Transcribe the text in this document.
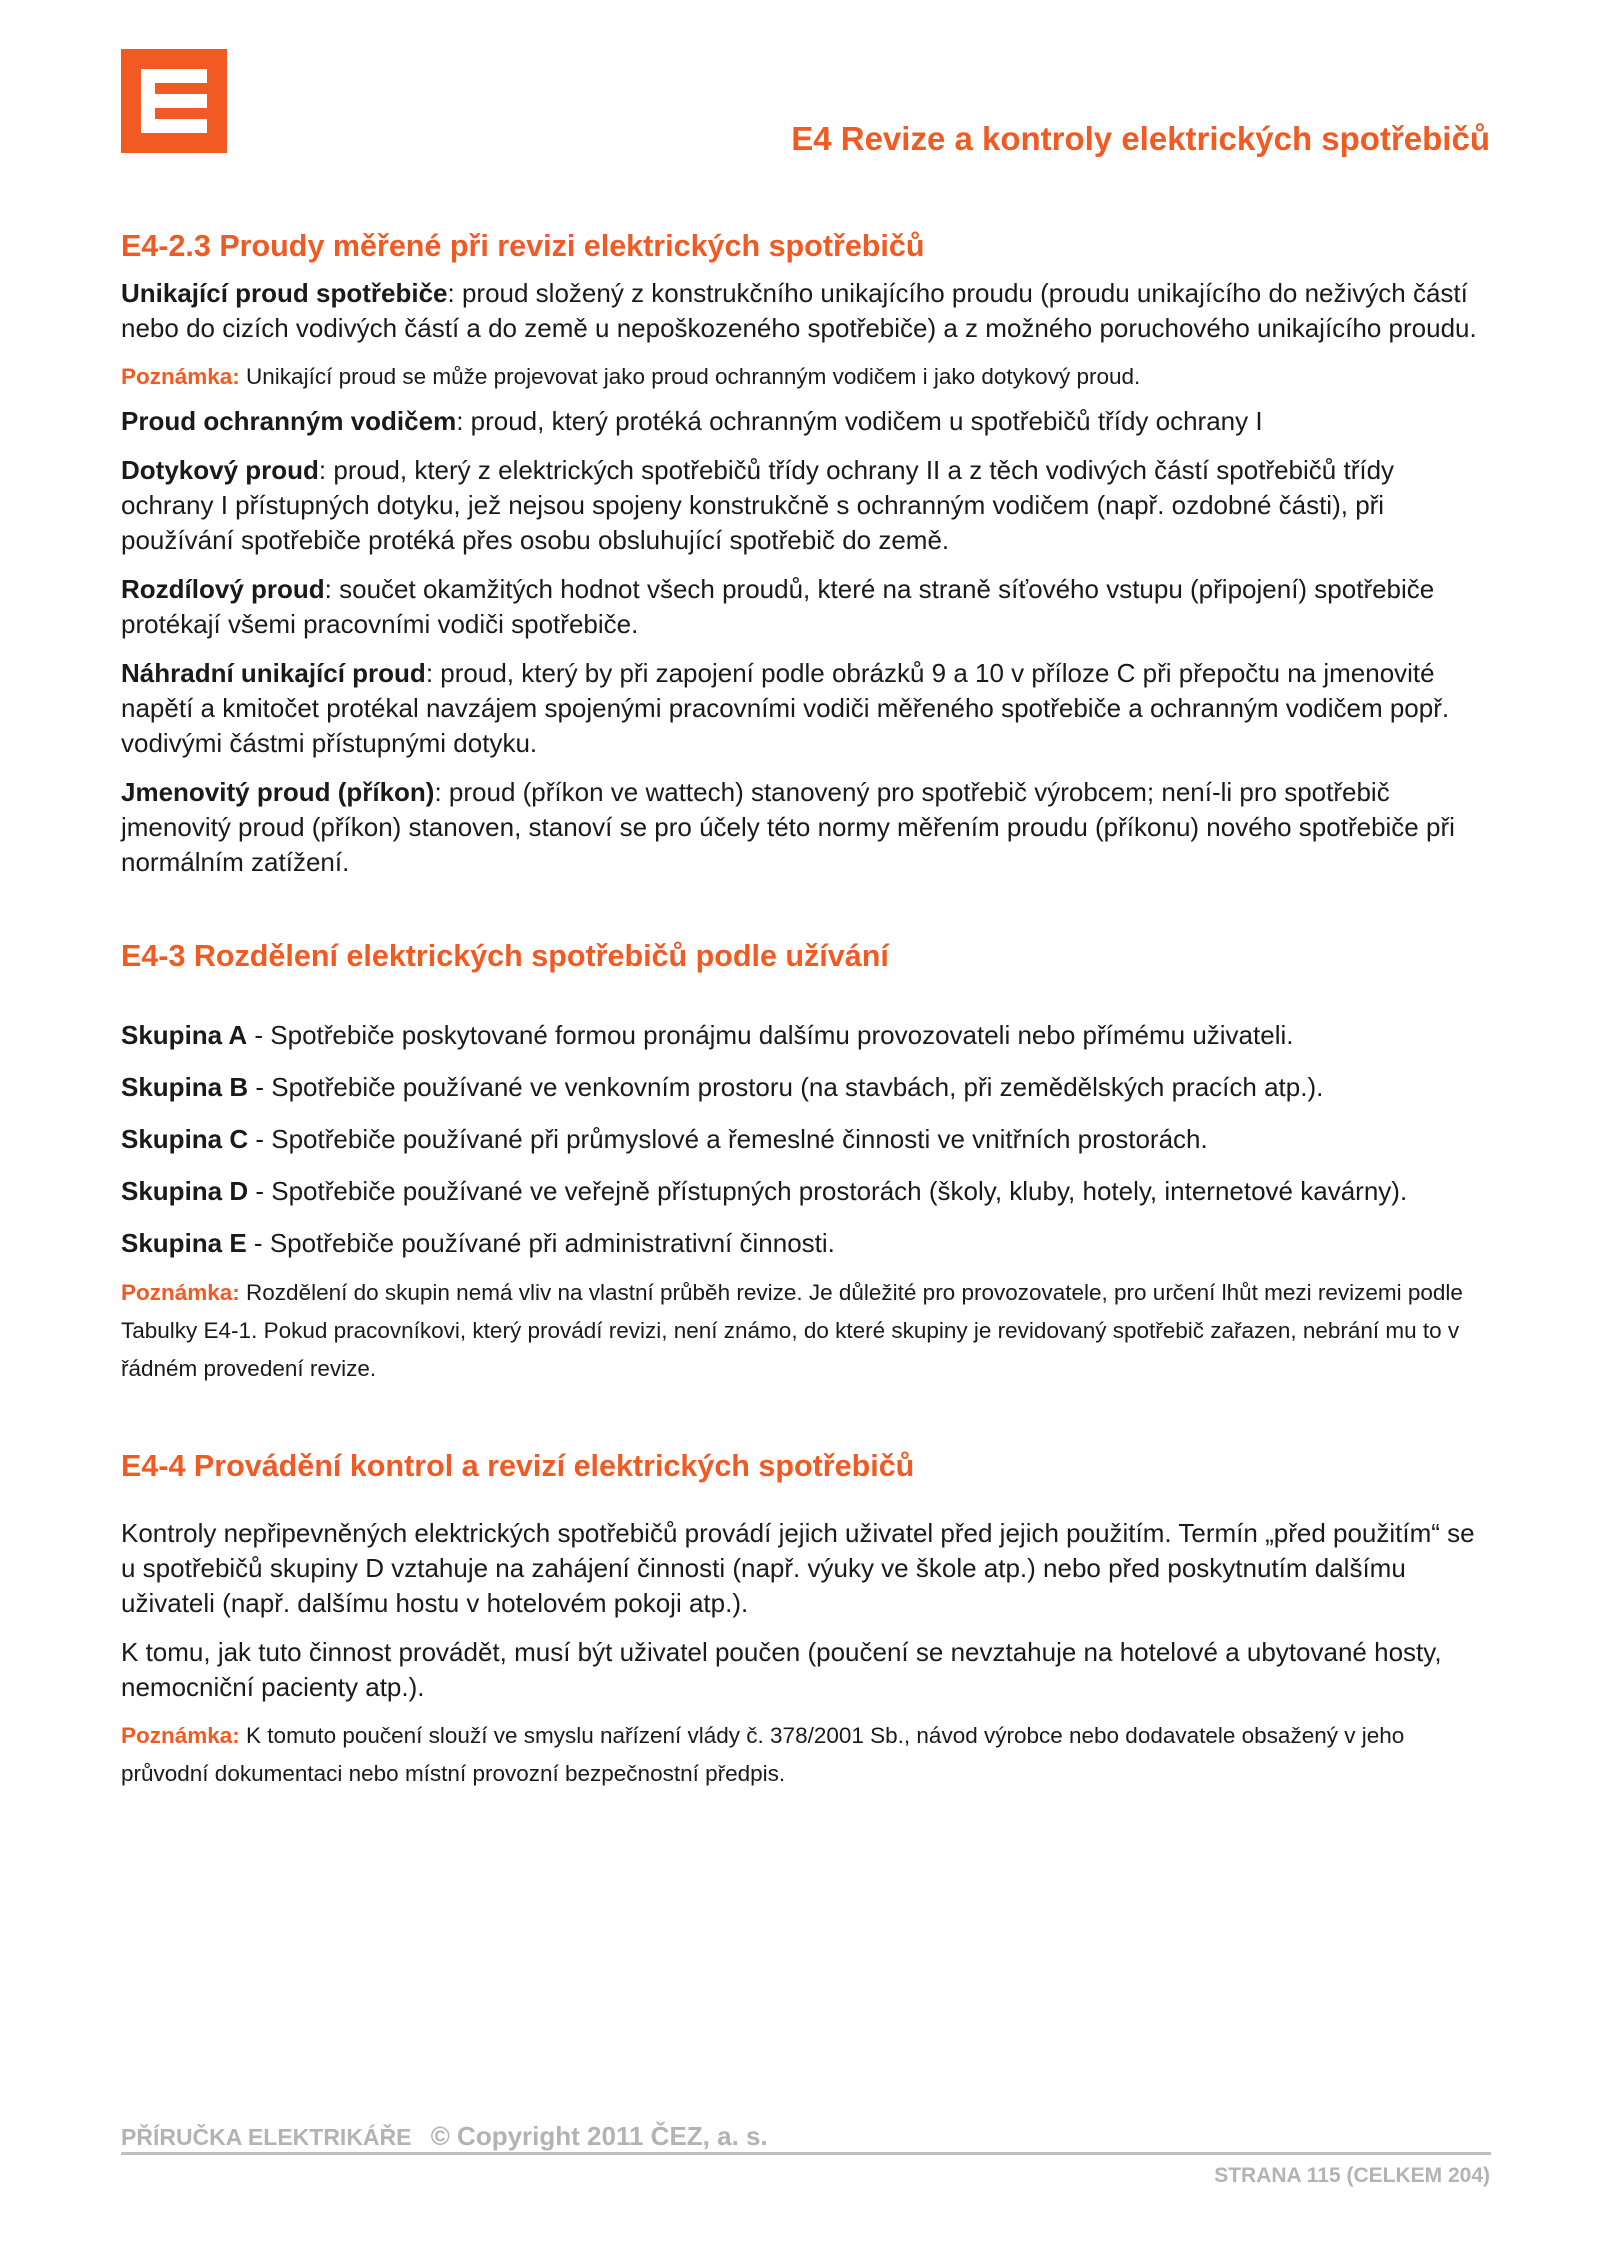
E4 Revize a kontroly elektrických spotřebičů
E4-2.3 Proudy měřené při revizi elektrických spotřebičů

Unikající proud spotřebiče: proud složený z konstrukčního unikajícího proudu (proudu unikajícího do neživých částí nebo do cizích vodivých částí a do země u nepoškozeného spotřebiče) a z možného poruchového unikajícího proudu.

Poznámka: Unikající proud se může projevovat jako proud ochranným vodičem i jako dotykový proud.

Proud ochranným vodičem: proud, který protéká ochranným vodičem u spotřebičů třídy ochrany I

Dotykový proud: proud, který z elektrických spotřebičů třídy ochrany II a z těch vodivých částí spotřebičů třídy ochrany I přístupných dotyku, jež nejsou spojeny konstrukčně s ochranným vodičem (např. ozdobné části), při používání spotřebiče protéká přes osobu obsluhující spotřebič do země.

Rozdílový proud: součet okamžitých hodnot všech proudů, které na straně síťového vstupu (připojení) spotřebiče protékají všemi pracovními vodiči spotřebiče.

Náhradní unikající proud: proud, který by při zapojení podle obrázků 9 a 10 v příloze C při přepočtu na jmenovité napětí a kmitočet protékal navzájem spojenými pracovními vodiči měřeného spotřebiče a ochranným vodičem popř. vodivými částmi přístupnými dotyku.

Jmenovitý proud (příkon): proud (příkon ve wattech) stanovený pro spotřebič výrobcem; není-li pro spotřebič jmenovitý proud (příkon) stanoven, stanoví se pro účely této normy měřením proudu (příkonu) nového spotřebiče při normálním zatížení.

E4-3 Rozdělení elektrických spotřebičů podle užívání
Skupina A - Spotřebiče poskytované formou pronájmu dalšímu provozovateli nebo přímému uživateli.
Skupina B - Spotřebiče používané ve venkovním prostoru (na stavbách, při zemědělských pracích atp.).
Skupina C - Spotřebiče používané při průmyslové a řemeslné činnosti ve vnitřních prostorách.
Skupina D - Spotřebiče používané ve veřejně přístupných prostorách (školy, kluby, hotely, internetové kavárny).
Skupina E - Spotřebiče používané při administrativní činnosti.

Poznámka: Rozdělení do skupin nemá vliv na vlastní průběh revize. Je důležité pro provozovatele, pro určení lhůt mezi revizemi podle Tabulky E4-1. Pokud pracovníkovi, který provádí revizi, není známo, do které skupiny je revidovaný spotřebič zařazen, nebrání mu to v řádném provedení revize.

E4-4 Provádění kontrol a revizí elektrických spotřebičů

Kontroly nepřipevněných elektrických spotřebičů provádí jejich uživatel před jejich použitím. Termín „před použitím“ se u spotřebičů skupiny D vztahuje na zahájení činnosti (např. výuky ve škole atp.) nebo před poskytnutím dalšímu uživateli (např. dalšímu hostu v hotelovém pokoji atp.).

K tomu, jak tuto činnost provádět, musí být uživatel poučen (poučení se nevztahuje na hotelové a ubytované hosty, nemocniční pacienty atp.).

Poznámka: K tomuto poučení slouží ve smyslu nařízení vlády č. 378/2001 Sb., návod výrobce nebo dodavatele obsažený v jeho průvodní dokumentaci nebo místní provozní bezpečnostní předpis.

PŘÍRUČKA ELEKTRIKÁŘE © Copyright 2011 ČEZ, a. s.
STRANA 115 (CELKEM 204)
